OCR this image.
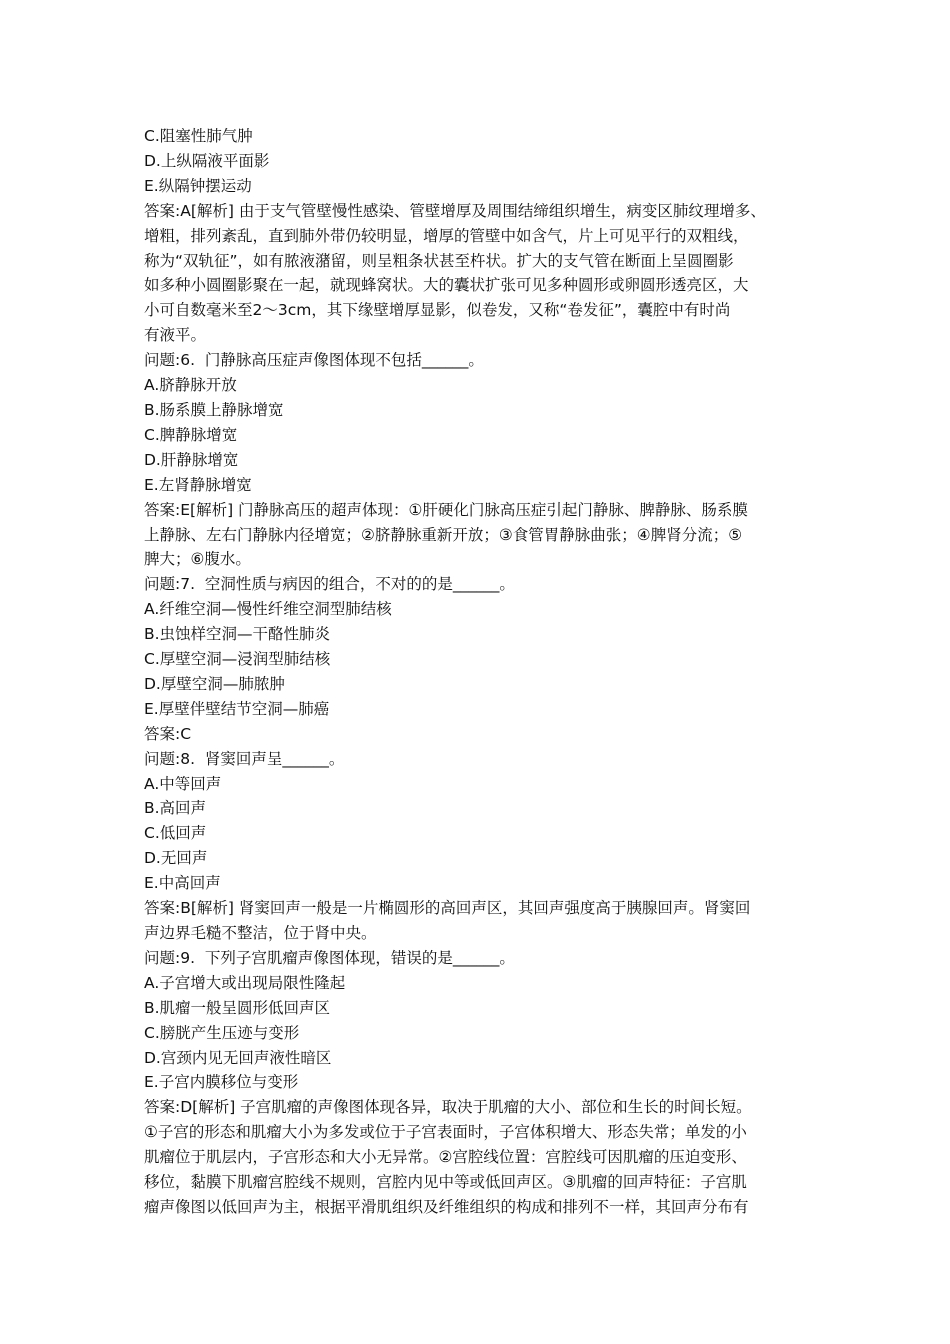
C.阻塞性肺气肿
D.上纵隔液平面影
E.纵隔钟摆运动
答案:A[解析] 由于支气管壁慢性感染、管壁增厚及周围结缔组织增生，病变区肺纹理增多、
增粗，排列紊乱，直到肺外带仍较明显，增厚的管壁中如含气，片上可见平行的双粗线，
称为“双轨征”，如有脓液潴留，则呈粗条状甚至杵状。扩大的支气管在断面上呈圆圈影
如多种小圆圈影聚在一起，就现蜂窝状。大的囊状扩张可见多种圆形或卵圆形透亮区，大
小可自数毫米至2～3cm，其下缘壁增厚显影，似卷发，又称“卷发征”，囊腔中有时尚
有液平。
问题:6.  门静脉高压症声像图体现不包括______。
A.脐静脉开放
B.肠系膜上静脉增宽
C.脾静脉增宽
D.肝静脉增宽
E.左肾静脉增宽
答案:E[解析] 门静脉高压的超声体现：①肝硬化门脉高压症引起门静脉、脾静脉、肠系膜
上静脉、左右门静脉内径增宽；②脐静脉重新开放；③食管胃静脉曲张；④脾肾分流；⑤
脾大；⑥腹水。
问题:7.  空洞性质与病因的组合，不对的的是______。
A.纤维空洞—慢性纤维空洞型肺结核
B.虫蚀样空洞—干酪性肺炎
C.厚壁空洞—浸润型肺结核
D.厚壁空洞—肺脓肿
E.厚壁伴壁结节空洞—肺癌
答案:C
问题:8.  肾窦回声呈______。
A.中等回声
B.高回声
C.低回声
D.无回声
E.中高回声
答案:B[解析] 肾窦回声一般是一片椭圆形的高回声区，其回声强度高于胰腺回声。肾窦回
声边界毛糙不整洁，位于肾中央。
问题:9.  下列子宫肌瘤声像图体现，错误的是______。
A.子宫增大或出现局限性隆起
B.肌瘤一般呈圆形低回声区
C.膀胱产生压迹与变形
D.宫颈内见无回声液性暗区
E.子宫内膜移位与变形
答案:D[解析] 子宫肌瘤的声像图体现各异，取决于肌瘤的大小、部位和生长的时间长短。
①子宫的形态和肌瘤大小为多发或位于子宫表面时，子宫体积增大、形态失常；单发的小
肌瘤位于肌层内，子宫形态和大小无异常。②宫腔线位置：宫腔线可因肌瘤的压迫变形、
移位，黏膜下肌瘤宫腔线不规则，宫腔内见中等或低回声区。③肌瘤的回声特征：子宫肌
瘤声像图以低回声为主，根据平滑肌组织及纤维组织的构成和排列不一样，其回声分布有
